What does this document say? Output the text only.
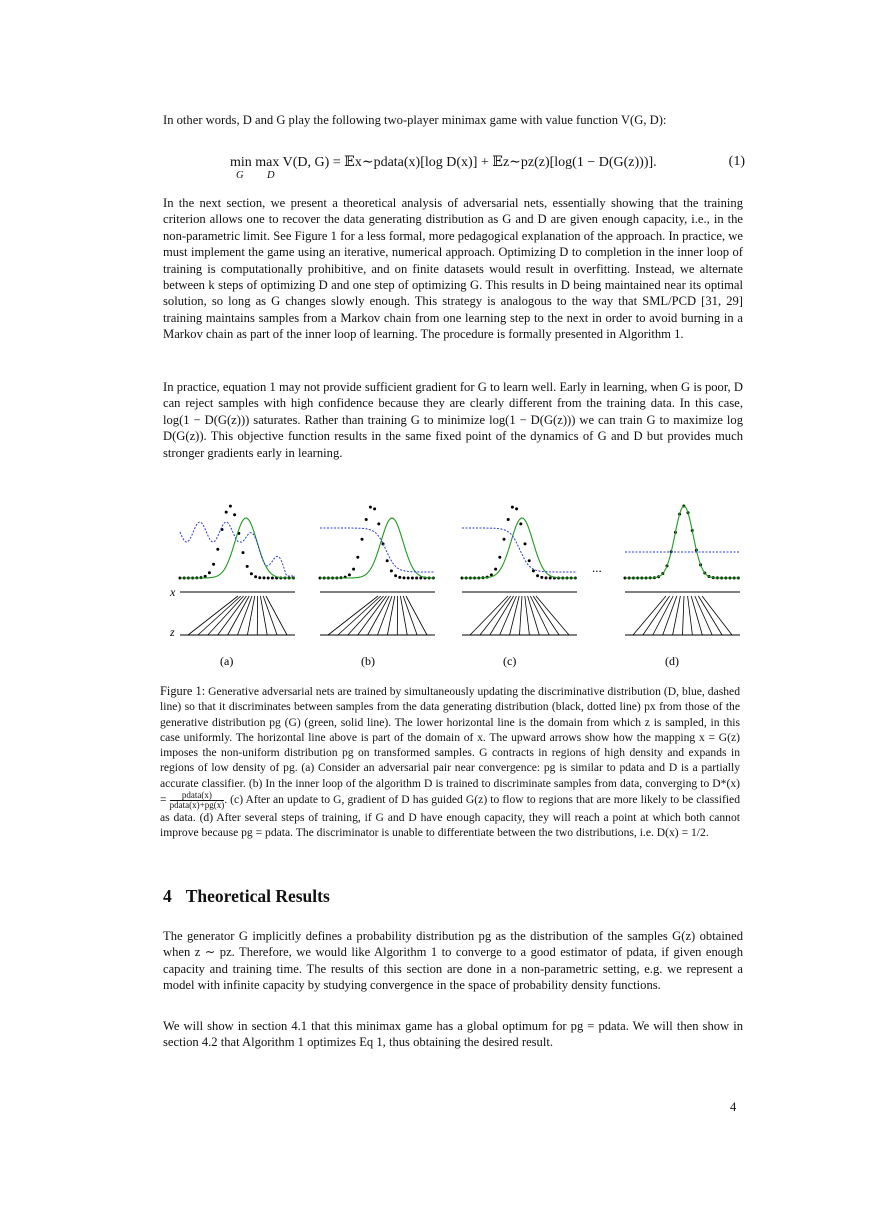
In other words, D and G play the following two-player minimax game with value function V(G, D):

min max V(D, G) = 𝔼x∼pdata(x)[log D(x)] + 𝔼z∼pz(z)[log(1 − D(G(z)))].
G D
(1)

In the next section, we present a theoretical analysis of adversarial nets, essentially showing that the training criterion allows one to recover the data generating distribution as G and D are given enough capacity, i.e., in the non-parametric limit. See Figure 1 for a less formal, more pedagogical explanation of the approach. In practice, we must implement the game using an iterative, numerical approach. Optimizing D to completion in the inner loop of training is computationally prohibitive, and on finite datasets would result in overfitting. Instead, we alternate between k steps of optimizing D and one step of optimizing G. This results in D being maintained near its optimal solution, so long as G changes slowly enough. This strategy is analogous to the way that SML/PCD [31, 29] training maintains samples from a Markov chain from one learning step to the next in order to avoid burning in a Markov chain as part of the inner loop of learning. The procedure is formally presented in Algorithm 1.

In practice, equation 1 may not provide sufficient gradient for G to learn well. Early in learning, when G is poor, D can reject samples with high confidence because they are clearly different from the training data. In this case, log(1 − D(G(z))) saturates. Rather than training G to minimize log(1 − D(G(z))) we can train G to maximize log D(G(z)). This objective function results in the same fixed point of the dynamics of G and D but provides much stronger gradients early in learning.

x
z
...
(a)	(b)	(c)	(d)

Figure 1: Generative adversarial nets are trained by simultaneously updating the discriminative distribution (D, blue, dashed line) so that it discriminates between samples from the data generating distribution (black, dotted line) px from those of the generative distribution pg (G) (green, solid line). The lower horizontal line is the domain from which z is sampled, in this case uniformly. The horizontal line above is part of the domain of x. The upward arrows show how the mapping x = G(z) imposes the non-uniform distribution pg on transformed samples. G contracts in regions of high density and expands in regions of low density of pg. (a) Consider an adversarial pair near convergence: pg is similar to pdata and D is a partially accurate classifier. (b) In the inner loop of the algorithm D is trained to discriminate samples from data, converging to $D*(x) = \frac{\text{pdata(x)}}{\text{pdata(x)+pg(x)}}$ . (c) After an update to G, gradient of D has guided G(z) to flow to regions that are more likely to be classified as data. (d) After several steps of training, if G and D have enough capacity, they will reach a point at which both cannot improve because pg = pdata. The discriminator is unable to differentiate between the two distributions, i.e. D(x) = 1/2.

4 Theoretical Results

The generator G implicitly defines a probability distribution pg as the distribution of the samples G(z) obtained when z ∼ pz. Therefore, we would like Algorithm 1 to converge to a good estimator of pdata, if given enough capacity and training time. The results of this section are done in a non-parametric setting, e.g. we represent a model with infinite capacity by studying convergence in the space of probability density functions.

We will show in section 4.1 that this minimax game has a global optimum for pg = pdata. We will then show in section 4.2 that Algorithm 1 optimizes Eq 1, thus obtaining the desired result.

4
